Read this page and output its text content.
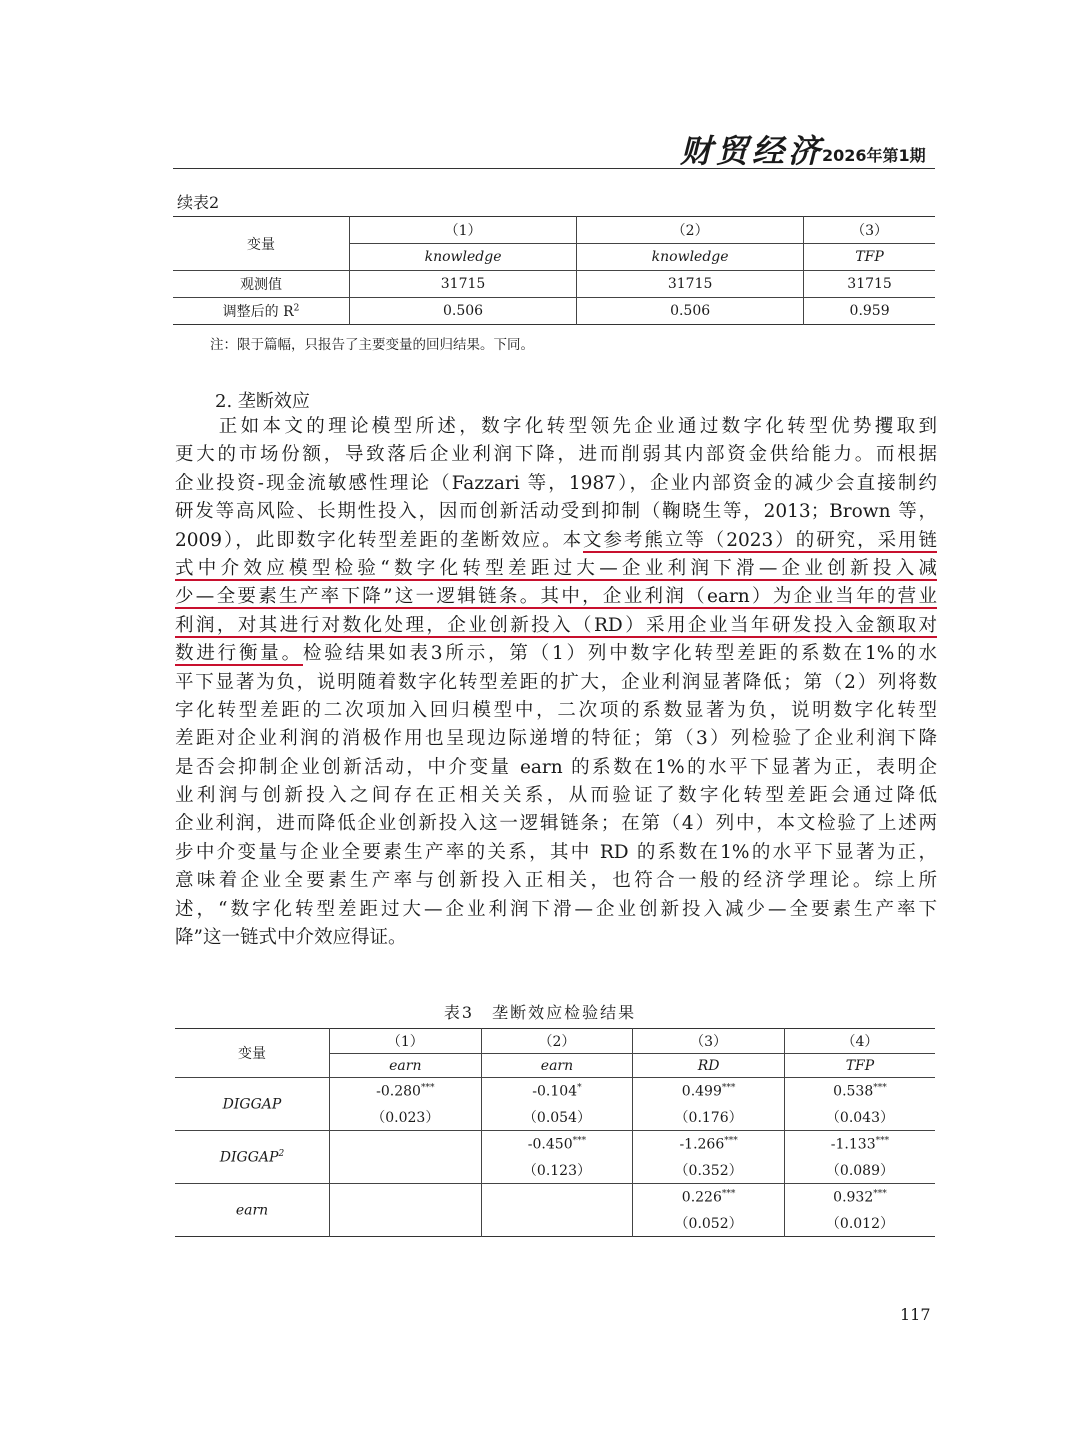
财贸经济
2026年第1期
续表2
变量	（1）	（2）	（3）
	knowledge	knowledge	TFP
观测值	31715	31715	31715
调整后的 $R^2$	0.506	0.506	0.959
注：限于篇幅，只报告了主要变量的回归结果。下同。
2. 垄断效应
　　正如本文的理论模型所述，数字化转型领先企业通过数字化转型优势攫取到
更大的市场份额，导致落后企业利润下降，进而削弱其内部资金供给能力。而根据
企业投资-现金流敏感性理论（Fazzari 等，1987），企业内部资金的减少会直接制约
研发等高风险、长期性投入，因而创新活动受到抑制（鞠晓生等，2013；Brown 等，
2009），此即数字化转型差距的垄断效应。本文参考熊立等（2023）的研究，采用链
式中介效应模型检验“数字化转型差距过大—企业利润下滑—企业创新投入减
少—全要素生产率下降”这一逻辑链条。其中，企业利润（earn）为企业当年的营业
利润，对其进行对数化处理，企业创新投入（RD）采用企业当年研发投入金额取对
数进行衡量。检验结果如表3所示，第（1）列中数字化转型差距的系数在1%的水
平下显著为负，说明随着数字化转型差距的扩大，企业利润显著降低；第（2）列将数
字化转型差距的二次项加入回归模型中，二次项的系数显著为负，说明数字化转型
差距对企业利润的消极作用也呈现边际递增的特征；第（3）列检验了企业利润下降
是否会抑制企业创新活动，中介变量 earn 的系数在1%的水平下显著为正，表明企
业利润与创新投入之间存在正相关关系，从而验证了数字化转型差距会通过降低
企业利润，进而降低企业创新投入这一逻辑链条；在第（4）列中，本文检验了上述两
步中介变量与企业全要素生产率的关系，其中 RD 的系数在1%的水平下显著为正，
意味着企业全要素生产率与创新投入正相关，也符合一般的经济学理论。综上所
述，“数字化转型差距过大—企业利润下滑—企业创新投入减少—全要素生产率下
降”这一链式中介效应得证。
表3　垄断效应检验结果
变量	（1）	（2）	（3）	（4）
	earn	earn	RD	TFP
DIGGAP	-0.280***	-0.104*	0.499***	0.538***
	（0.023）	（0.054）	（0.176）	（0.043）
DIGGAP$^2$		-0.450***	-1.266***	-1.133***
		（0.123）	（0.352）	（0.089）
earn			0.226***	0.932***
			（0.052）	（0.012）
117
